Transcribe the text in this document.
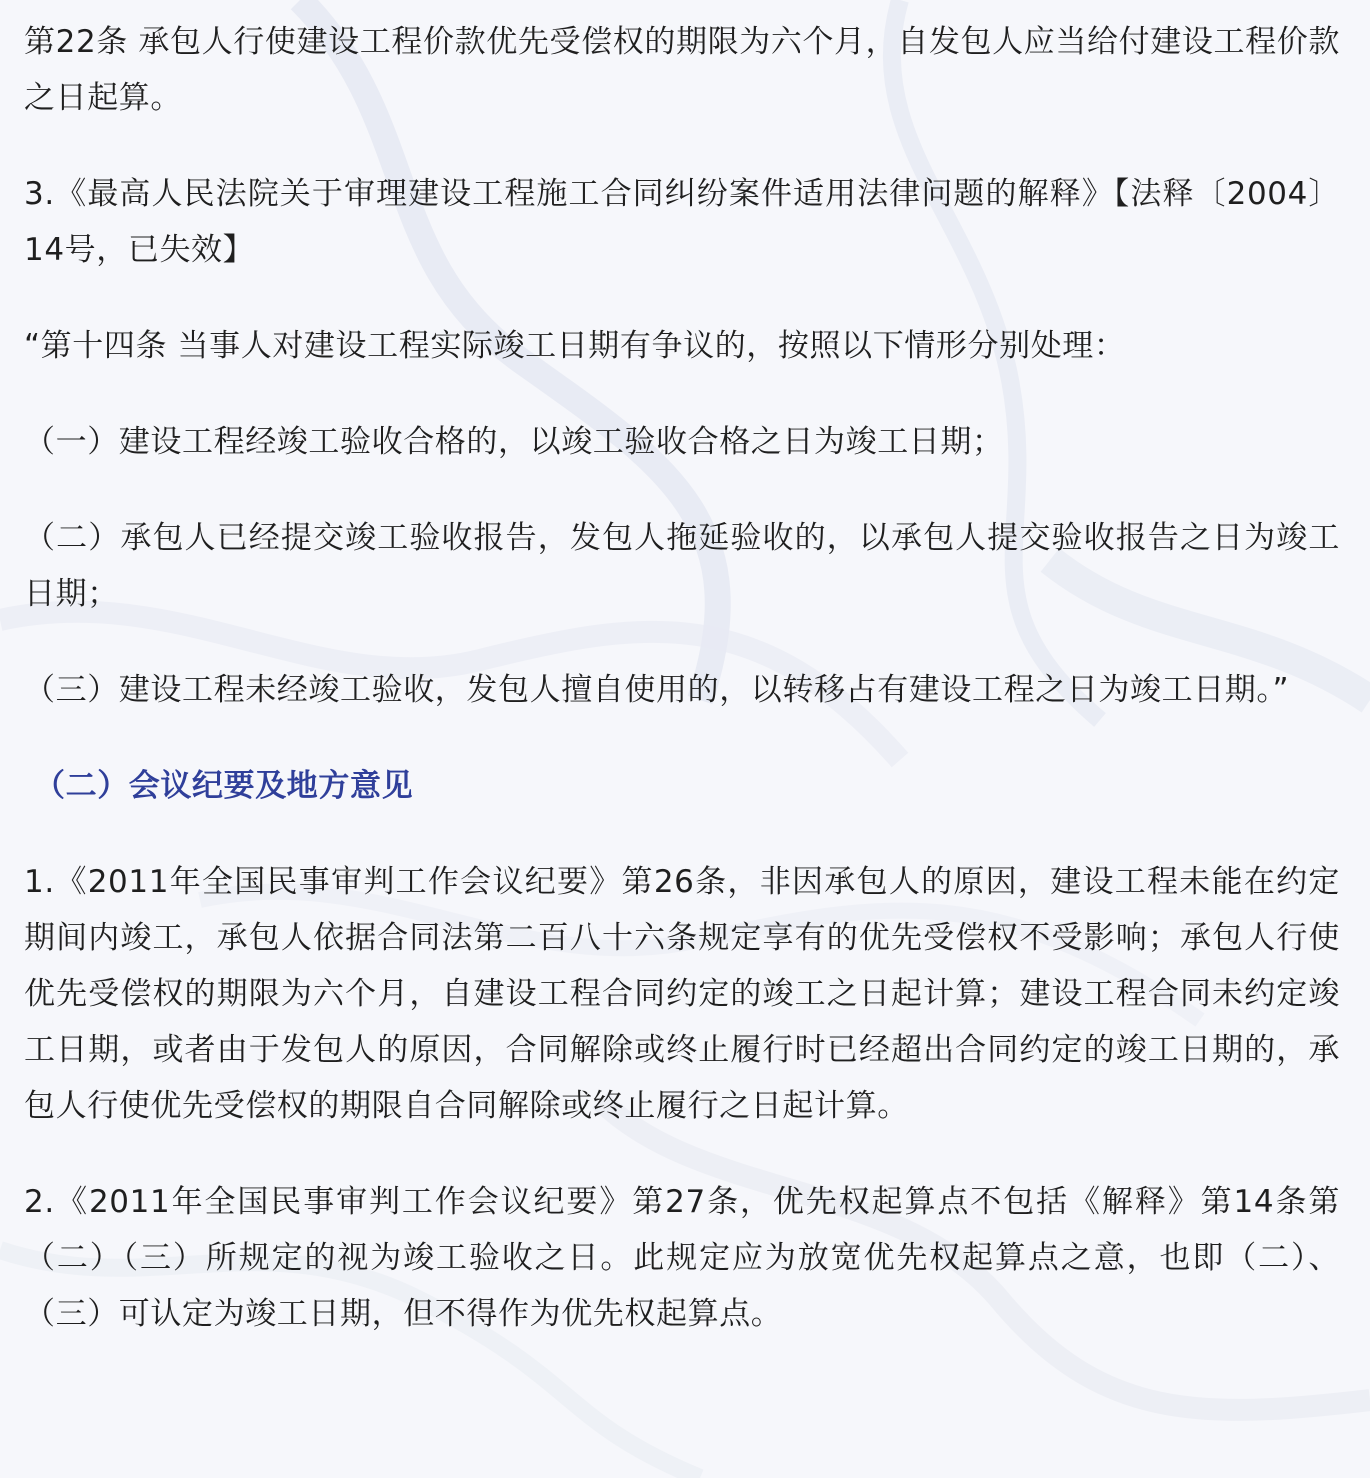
第22条 承包人行使建设工程价款优先受偿权的期限为六个月，自发包人应当给付建设工程价款之日起算。

3.《最高人民法院关于审理建设工程施工合同纠纷案件适用法律问题的解释》【法释〔2004〕14号，已失效】

“第十四条 当事人对建设工程实际竣工日期有争议的，按照以下情形分别处理：

（一）建设工程经竣工验收合格的，以竣工验收合格之日为竣工日期；

（二）承包人已经提交竣工验收报告，发包人拖延验收的，以承包人提交验收报告之日为竣工日期；

（三）建设工程未经竣工验收，发包人擅自使用的，以转移占有建设工程之日为竣工日期。”

（二）会议纪要及地方意见

1.《2011年全国民事审判工作会议纪要》第26条，非因承包人的原因，建设工程未能在约定期间内竣工，承包人依据合同法第二百八十六条规定享有的优先受偿权不受影响；承包人行使优先受偿权的期限为六个月，自建设工程合同约定的竣工之日起计算；建设工程合同未约定竣工日期，或者由于发包人的原因，合同解除或终止履行时已经超出合同约定的竣工日期的，承包人行使优先受偿权的期限自合同解除或终止履行之日起计算。

2.《2011年全国民事审判工作会议纪要》第27条，优先权起算点不包括《解释》第14条第（二）（三）所规定的视为竣工验收之日。此规定应为放宽优先权起算点之意，也即（二）、（三）可认定为竣工日期，但不得作为优先权起算点。
